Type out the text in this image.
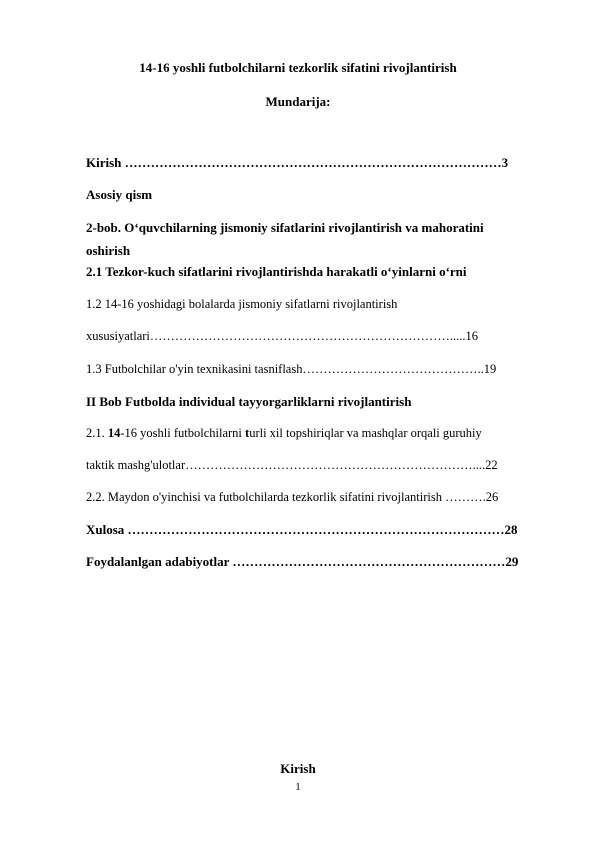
14-16 yoshli futbolchilarni tezkorlik sifatini rivojlantirish
Mundarija:
Kirish ……………………………………………………………………………3
Asosiy qism
2-bob. O‘quvchilarning jismoniy sifatlarini rivojlantirish va mahoratini
oshirish
2.1 Tezkor-kuch sifatlarini rivojlantirishda harakatli o‘yinlarni o‘rni
1.2 14-16 yoshidagi bolalarda jismoniy sifatlarni rivojlantirish
xususiyatlari……………………………………………………………….....16
1.3 Futbolchilar o'yin texnikasini tasniflash……………………………………..19
II Bob Futbolda individual tayyorgarliklarni rivojlantirish
2.1. 14-16 yoshli futbolchilarni turli xil topshiriqlar va mashqlar orqali guruhiy
taktik mashg'ulotlar……………………………………………………………....22
2.2. Maydon o'yinchisi va futbolchilarda tezkorlik sifatini rivojlantirish ……….26
Xulosa ……………………………………………………………………………28
Foydalanlgan adabiyotlar ………………………………………………………29
Kirish
1
